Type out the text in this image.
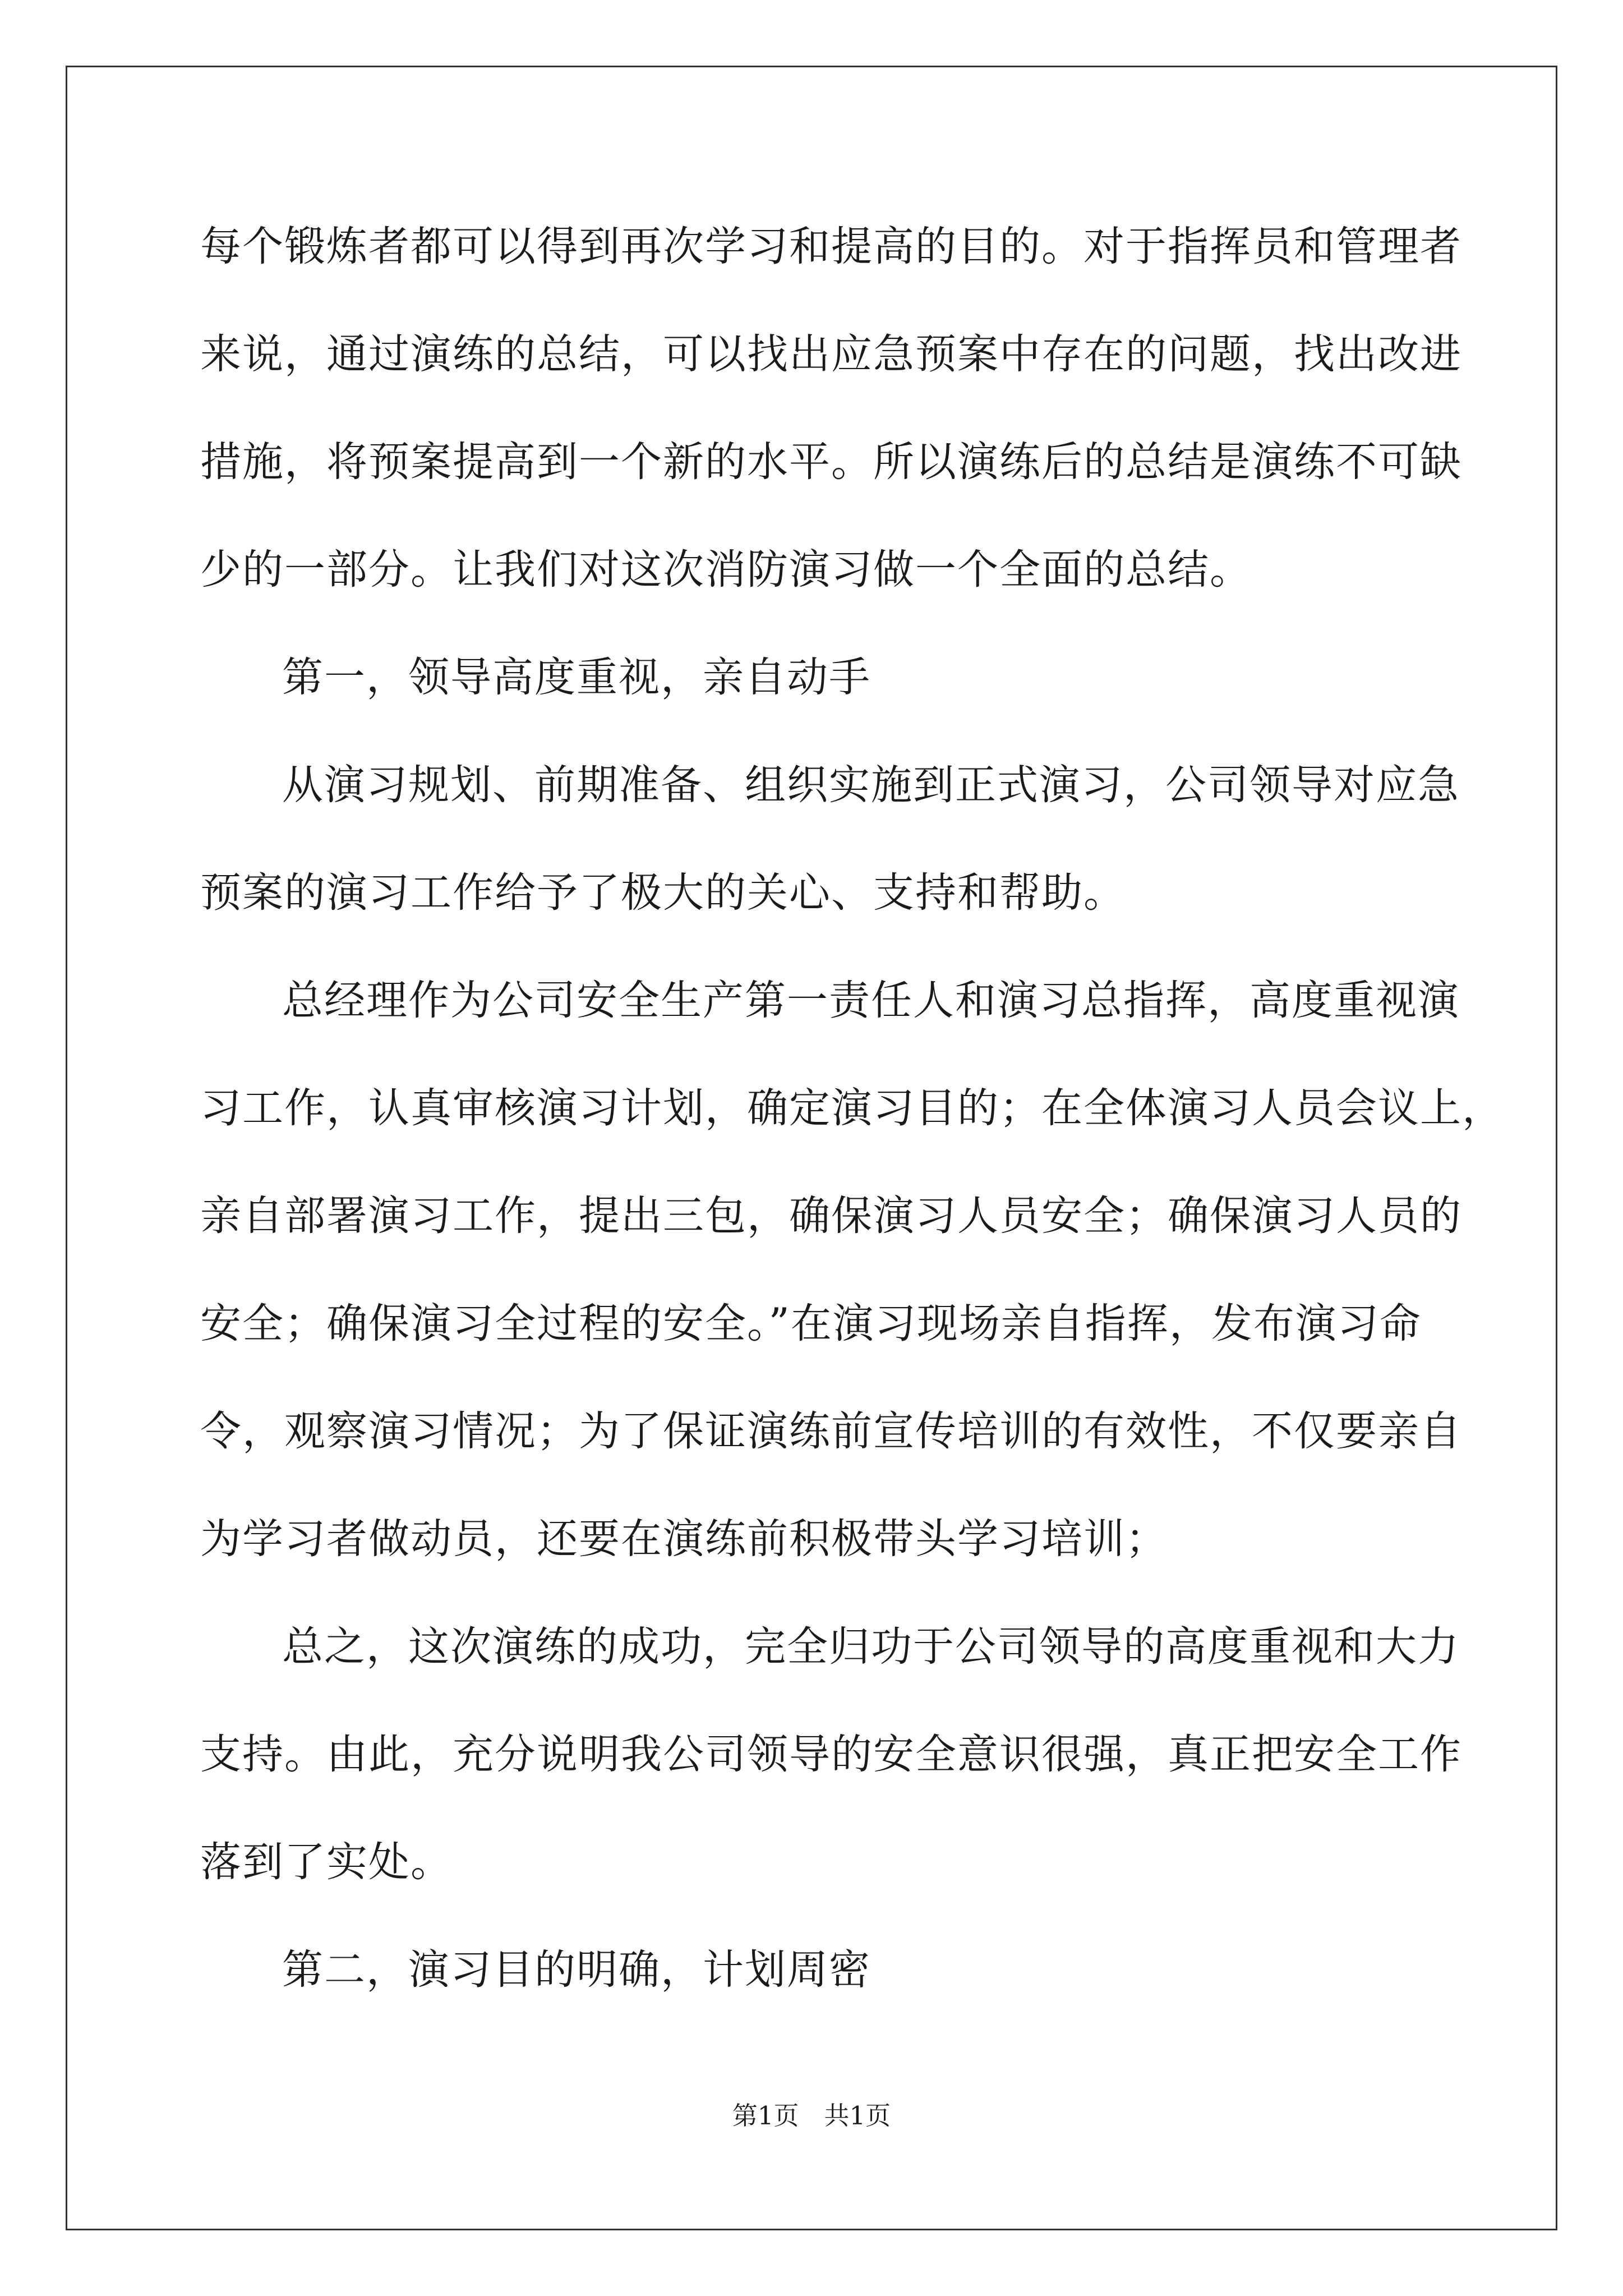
每个锻炼者都可以得到再次学习和提高的目的。对于指挥员和管理者
来说，通过演练的总结，可以找出应急预案中存在的问题，找出改进
措施，将预案提高到一个新的水平。所以演练后的总结是演练不可缺
少的一部分。让我们对这次消防演习做一个全面的总结。
第一，领导高度重视，亲自动手
从演习规划、前期准备、组织实施到正式演习，公司领导对应急
预案的演习工作给予了极大的关心、支持和帮助。
总经理作为公司安全生产第一责任人和演习总指挥，高度重视演
习工作，认真审核演习计划，确定演习目的；在全体演习人员会议上，
亲自部署演习工作，提出三包，确保演习人员安全；确保演习人员的
安全；确保演习全过程的安全。”在演习现场亲自指挥，发布演习命
令，观察演习情况；为了保证演练前宣传培训的有效性，不仅要亲自
为学习者做动员，还要在演练前积极带头学习培训；
总之，这次演练的成功，完全归功于公司领导的高度重视和大力
支持。由此，充分说明我公司领导的安全意识很强，真正把安全工作
落到了实处。
第二，演习目的明确，计划周密
第1页　共1页
